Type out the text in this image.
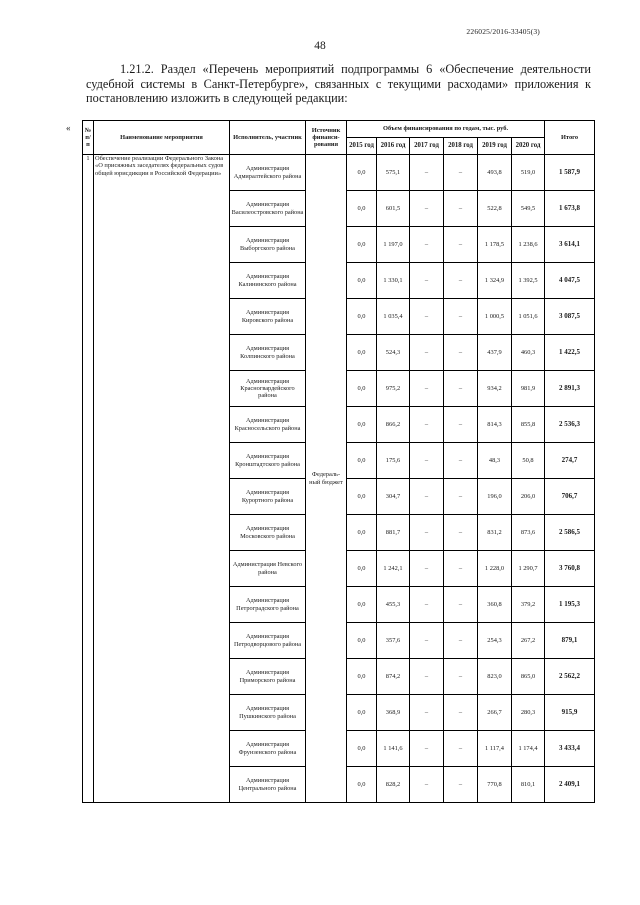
226025/2016-33405(3)
48
1.21.2. Раздел «Перечень мероприятий подпрограммы 6 «Обеспечение деятельности судебной системы в Санкт-Петербурге», связанных с текущими расходами» приложения к постановлению изложить в следующей редакции:
« № п/п	Наименование мероприятия	Исполнитель, участник	Источник финанси-рования	Объем финансирования по годам, тыс. руб.						Итого
				2015 год	2016 год	2017 год	2018 год	2019 год	2020 год	
1	Обеспечение реализации Федерального Закона «О присяжных заседателях федеральных судов общей юрисдикции в Российской Федерации»	Администрация Адмиралтейского района	Федераль-ный бюджет	0,0	575,1	–	–	493,8	519,0	1 587,9
		Администрация Василеостровского района		0,0	601,5	–	–	522,8	549,5	1 673,8
		Администрация Выборгского района		0,0	1 197,0	–	–	1 178,5	1 238,6	3 614,1
		Администрация Калининского района		0,0	1 330,1	–	–	1 324,9	1 392,5	4 047,5
		Администрация Кировского района		0,0	1 035,4	–	–	1 000,5	1 051,6	3 087,5
		Администрация Колпинского района		0,0	524,3	–	–	437,9	460,3	1 422,5
		Администрация Красногвардейского района		0,0	975,2	–	–	934,2	981,9	2 891,3
		Администрация Красносельского района		0,0	866,2	–	–	814,3	855,8	2 536,3
		Администрация Кронштадтского района		0,0	175,6	–	–	48,3	50,8	274,7
		Администрация Курортного района		0,0	304,7	–	–	196,0	206,0	706,7
		Администрация Московского района		0,0	881,7	–	–	831,2	873,6	2 586,5
		Администрация Невского района		0,0	1 242,1	–	–	1 228,0	1 290,7	3 760,8
		Администрация Петроградского района		0,0	455,3	–	–	360,8	379,2	1 195,3
		Администрация Петродворцового района		0,0	357,6	–	–	254,3	267,2	879,1
		Администрация Приморского района		0,0	874,2	–	–	823,0	865,0	2 562,2
		Администрация Пушкинского района		0,0	368,9	–	–	266,7	280,3	915,9
		Администрация Фрунзенского района		0,0	1 141,6	–	–	1 117,4	1 174,4	3 433,4
		Администрация Центрального района		0,0	828,2	–	–	770,8	810,1	2 409,1
